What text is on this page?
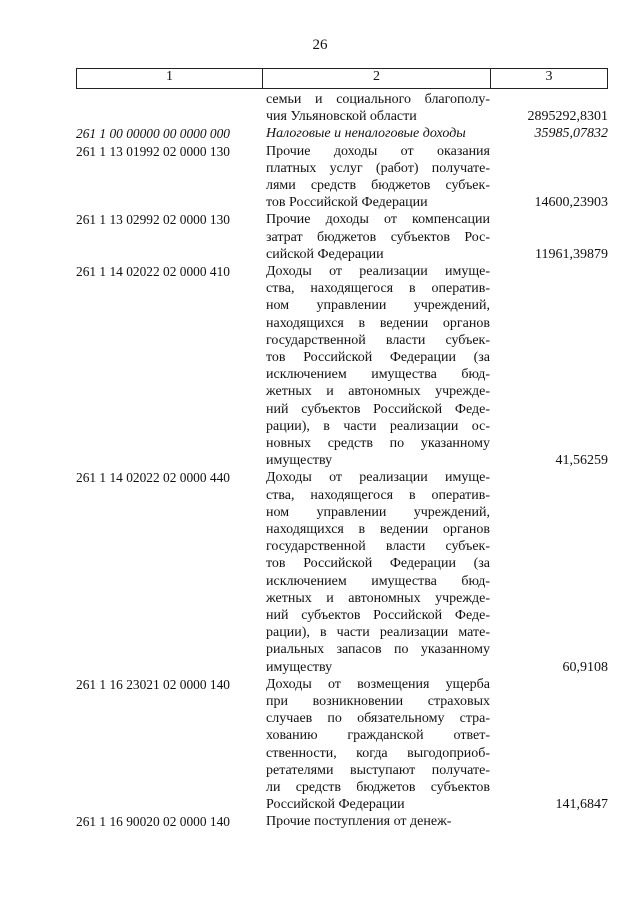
26
1	2	3
семьи и социального благополу-
чия Ульяновской области	2895292,8301
261 1 00 00000 00 0000 000	Налоговые и неналоговые доходы	35985,07832
261 1 13 01992 02 0000 130	Прочие доходы от оказания
платных услуг (работ) получате-
лями средств бюджетов субъек-
тов Российской Федерации	14600,23903
261 1 13 02992 02 0000 130	Прочие доходы от компенсации
затрат бюджетов субъектов Рос-
сийской Федерации	11961,39879
261 1 14 02022 02 0000 410	Доходы от реализации имуще-
ства, находящегося в оператив-
ном управлении учреждений,
находящихся в ведении органов
государственной власти субъек-
тов Российской Федерации (за
исключением имущества бюд-
жетных и автономных учрежде-
ний субъектов Российской Феде-
рации), в части реализации ос-
новных средств по указанному
имуществу	41,56259
261 1 14 02022 02 0000 440	Доходы от реализации имуще-
ства, находящегося в оператив-
ном управлении учреждений,
находящихся в ведении органов
государственной власти субъек-
тов Российской Федерации (за
исключением имущества бюд-
жетных и автономных учрежде-
ний субъектов Российской Феде-
рации), в части реализации мате-
риальных запасов по указанному
имуществу	60,9108
261 1 16 23021 02 0000 140	Доходы от возмещения ущерба
при возникновении страховых
случаев по обязательному стра-
хованию гражданской ответ-
ственности, когда выгодоприоб-
ретателями выступают получате-
ли средств бюджетов субъектов
Российской Федерации	141,6847
261 1 16 90020 02 0000 140	Прочие поступления от денеж-
